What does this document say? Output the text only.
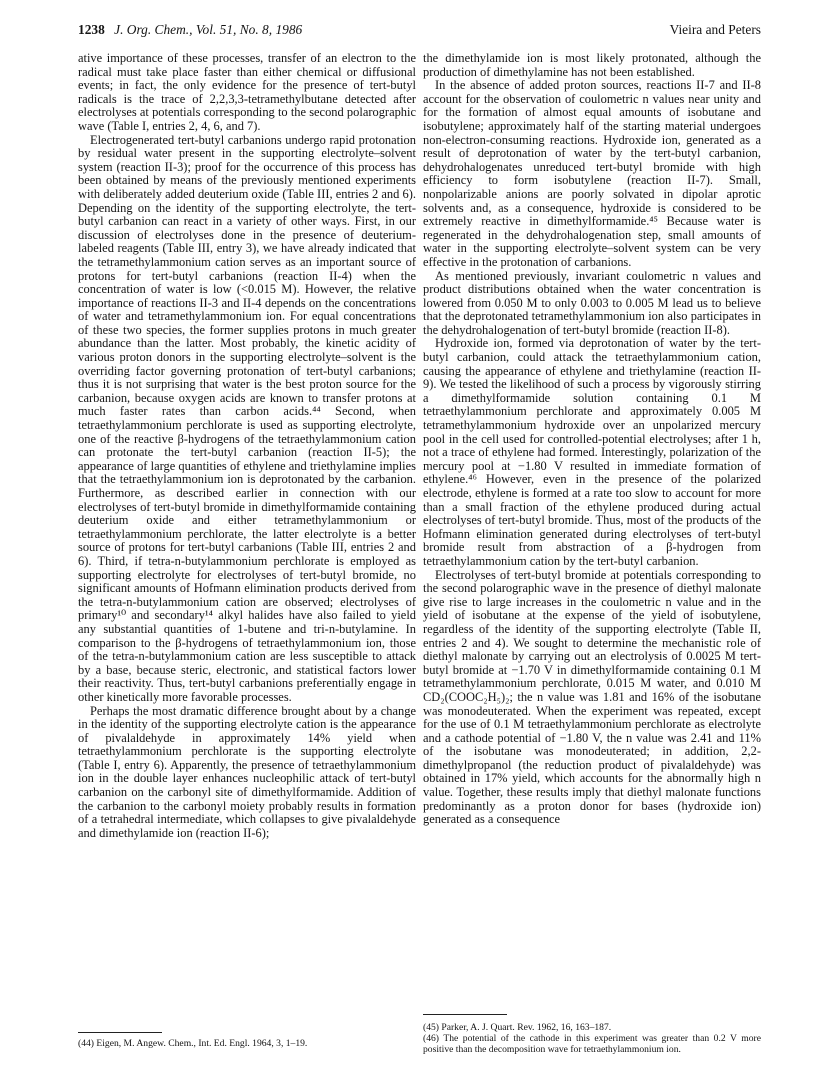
1238 J. Org. Chem., Vol. 51, No. 8, 1986	Vieira and Peters

ative importance of these processes, transfer of an electron to the radical must take place faster than either chemical or diffusional events; in fact, the only evidence for the presence of tert-butyl radicals is the trace of 2,2,3,3-tetramethylbutane detected after electrolyses at potentials corresponding to the second polarographic wave (Table I, entries 2, 4, 6, and 7).

Electrogenerated tert-butyl carbanions undergo rapid protonation by residual water present in the supporting electrolyte–solvent system (reaction II-3); proof for the occurrence of this process has been obtained by means of the previously mentioned experiments with deliberately added deuterium oxide (Table III, entries 2 and 6). Depending on the identity of the supporting electrolyte, the tert-butyl carbanion can react in a variety of other ways. First, in our discussion of electrolyses done in the presence of deuterium-labeled reagents (Table III, entry 3), we have already indicated that the tetramethylammonium cation serves as an important source of protons for tert-butyl carbanions (reaction II-4) when the concentration of water is low (<0.015 M). However, the relative importance of reactions II-3 and II-4 depends on the concentrations of water and tetramethylammonium ion. For equal concentrations of these two species, the former supplies protons in much greater abundance than the latter. Most probably, the kinetic acidity of various proton donors in the supporting electrolyte–solvent is the overriding factor governing protonation of tert-butyl carbanions; thus it is not surprising that water is the best proton source for the carbanion, because oxygen acids are known to transfer protons at much faster rates than carbon acids.⁴⁴ Second, when tetraethylammonium perchlorate is used as supporting electrolyte, one of the reactive β-hydrogens of the tetraethylammonium cation can protonate the tert-butyl carbanion (reaction II-5); the appearance of large quantities of ethylene and triethylamine implies that the tetraethylammonium ion is deprotonated by the carbanion. Furthermore, as described earlier in connection with our electrolyses of tert-butyl bromide in dimethylformamide containing deuterium oxide and either tetramethylammonium or tetraethylammonium perchlorate, the latter electrolyte is a better source of protons for tert-butyl carbanions (Table III, entries 2 and 6). Third, if tetra-n-butylammonium perchlorate is employed as supporting electrolyte for electrolyses of tert-butyl bromide, no significant amounts of Hofmann elimination products derived from the tetra-n-butylammonium cation are observed; electrolyses of primary¹⁰ and secondary¹⁴ alkyl halides have also failed to yield any substantial quantities of 1-butene and tri-n-butylamine. In comparison to the β-hydrogens of tetraethylammonium ion, those of the tetra-n-butylammonium cation are less susceptible to attack by a base, because steric, electronic, and statistical factors lower their reactivity. Thus, tert-butyl carbanions preferentially engage in other kinetically more favorable processes.

Perhaps the most dramatic difference brought about by a change in the identity of the supporting electrolyte cation is the appearance of pivalaldehyde in approximately 14% yield when tetraethylammonium perchlorate is the supporting electrolyte (Table I, entry 6). Apparently, the presence of tetraethylammonium ion in the double layer enhances nucleophilic attack of tert-butyl carbanion on the carbonyl site of dimethylformamide. Addition of the carbanion to the carbonyl moiety probably results in formation of a tetrahedral intermediate, which collapses to give pivalaldehyde and dimethylamide ion (reaction II-6);

the dimethylamide ion is most likely protonated, although the production of dimethylamine has not been established.

In the absence of added proton sources, reactions II-7 and II-8 account for the observation of coulometric n values near unity and for the formation of almost equal amounts of isobutane and isobutylene; approximately half of the starting material undergoes non-electron-consuming reactions. Hydroxide ion, generated as a result of deprotonation of water by the tert-butyl carbanion, dehydrohalogenates unreduced tert-butyl bromide with high efficiency to form isobutylene (reaction II-7). Small, nonpolarizable anions are poorly solvated in dipolar aprotic solvents and, as a consequence, hydroxide is considered to be extremely reactive in dimethylformamide.⁴⁵ Because water is regenerated in the dehydrohalogenation step, small amounts of water in the supporting electrolyte–solvent system can be very effective in the protonation of carbanions.

As mentioned previously, invariant coulometric n values and product distributions obtained when the water concentration is lowered from 0.050 M to only 0.003 to 0.005 M lead us to believe that the deprotonated tetramethylammonium ion also participates in the dehydrohalogenation of tert-butyl bromide (reaction II-8).

Hydroxide ion, formed via deprotonation of water by the tert-butyl carbanion, could attack the tetraethylammonium cation, causing the appearance of ethylene and triethylamine (reaction II-9). We tested the likelihood of such a process by vigorously stirring a dimethylformamide solution containing 0.1 M tetraethylammonium perchlorate and approximately 0.005 M tetramethylammonium hydroxide over an unpolarized mercury pool in the cell used for controlled-potential electrolyses; after 1 h, not a trace of ethylene had formed. Interestingly, polarization of the mercury pool at −1.80 V resulted in immediate formation of ethylene.⁴⁶ However, even in the presence of the polarized electrode, ethylene is formed at a rate too slow to account for more than a small fraction of the ethylene produced during actual electrolyses of tert-butyl bromide. Thus, most of the products of the Hofmann elimination generated during electrolyses of tert-butyl bromide result from abstraction of a β-hydrogen from tetraethylammonium cation by the tert-butyl carbanion.

Electrolyses of tert-butyl bromide at potentials corresponding to the second polarographic wave in the presence of diethyl malonate give rise to large increases in the coulometric n value and in the yield of isobutane at the expense of the yield of isobutylene, regardless of the identity of the supporting electrolyte (Table II, entries 2 and 4). We sought to determine the mechanistic role of diethyl malonate by carrying out an electrolysis of 0.0025 M tert-butyl bromide at −1.70 V in dimethylformamide containing 0.1 M tetramethylammonium perchlorate, 0.015 M water, and 0.010 M CD₂(COOC₂H₅)₂; the n value was 1.81 and 16% of the isobutane was monodeuterated. When the experiment was repeated, except for the use of 0.1 M tetraethylammonium perchlorate as electrolyte and a cathode potential of −1.80 V, the n value was 2.41 and 11% of the isobutane was monodeuterated; in addition, 2,2-dimethylpropanol (the reduction product of pivalaldehyde) was obtained in 17% yield, which accounts for the abnormally high n value. Together, these results imply that diethyl malonate functions predominantly as a proton donor for bases (hydroxide ion) generated as a consequence

(44) Eigen, M. Angew. Chem., Int. Ed. Engl. 1964, 3, 1–19.
(45) Parker, A. J. Quart. Rev. 1962, 16, 163–187.
(46) The potential of the cathode in this experiment was greater than 0.2 V more positive than the decomposition wave for tetraethylammonium ion.
